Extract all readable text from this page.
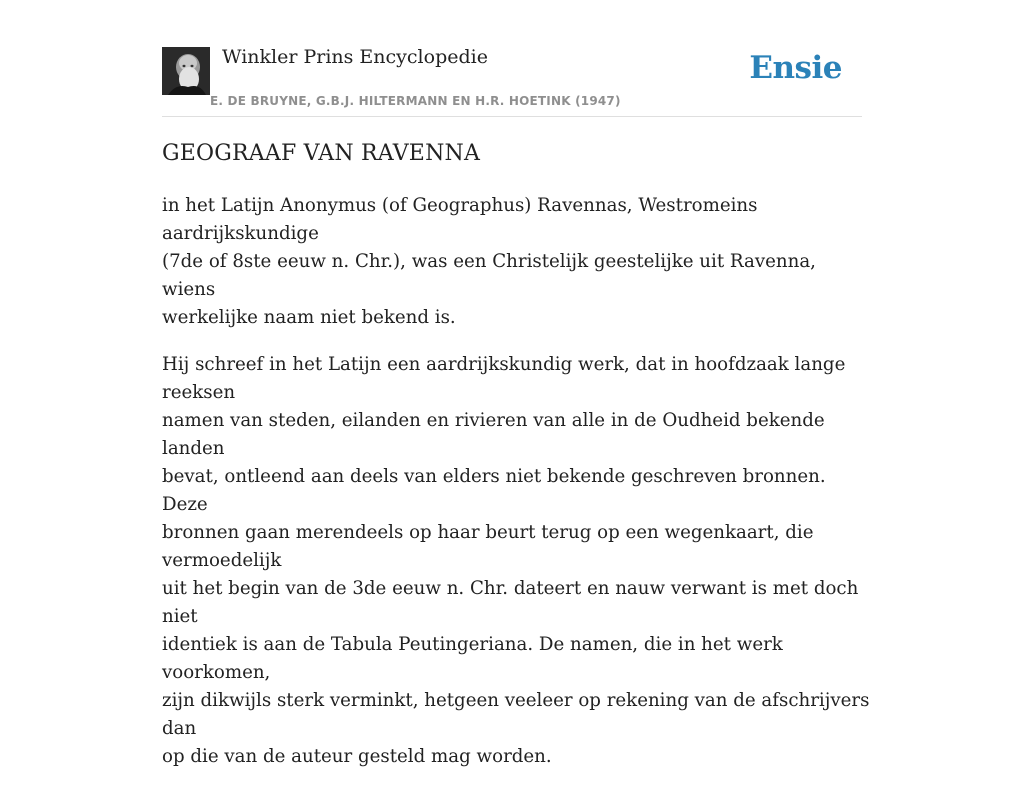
Winkler Prins Encyclopedie
E. DE BRUYNE, G.B.J. HILTERMANN EN H.R. HOETINK (1947)
Ensie
GEOGRAAF VAN RAVENNA

in het Latijn Anonymus (of Geographus) Ravennas, Westromeins aardrijkskundige
(7de of 8ste eeuw n. Chr.), was een Christelijk geestelijke uit Ravenna, wiens
werkelijke naam niet bekend is.

Hij schreef in het Latijn een aardrijkskundig werk, dat in hoofdzaak lange reeksen
namen van steden, eilanden en rivieren van alle in de Oudheid bekende landen
bevat, ontleend aan deels van elders niet bekende geschreven bronnen. Deze
bronnen gaan merendeels op haar beurt terug op een wegenkaart, die vermoedelijk
uit het begin van de 3de eeuw n. Chr. dateert en nauw verwant is met doch niet
identiek is aan de Tabula Peutingeriana. De namen, die in het werk voorkomen,
zijn dikwijls sterk verminkt, hetgeen veeleer op rekening van de afschrijvers dan
op die van de auteur gesteld mag worden.
